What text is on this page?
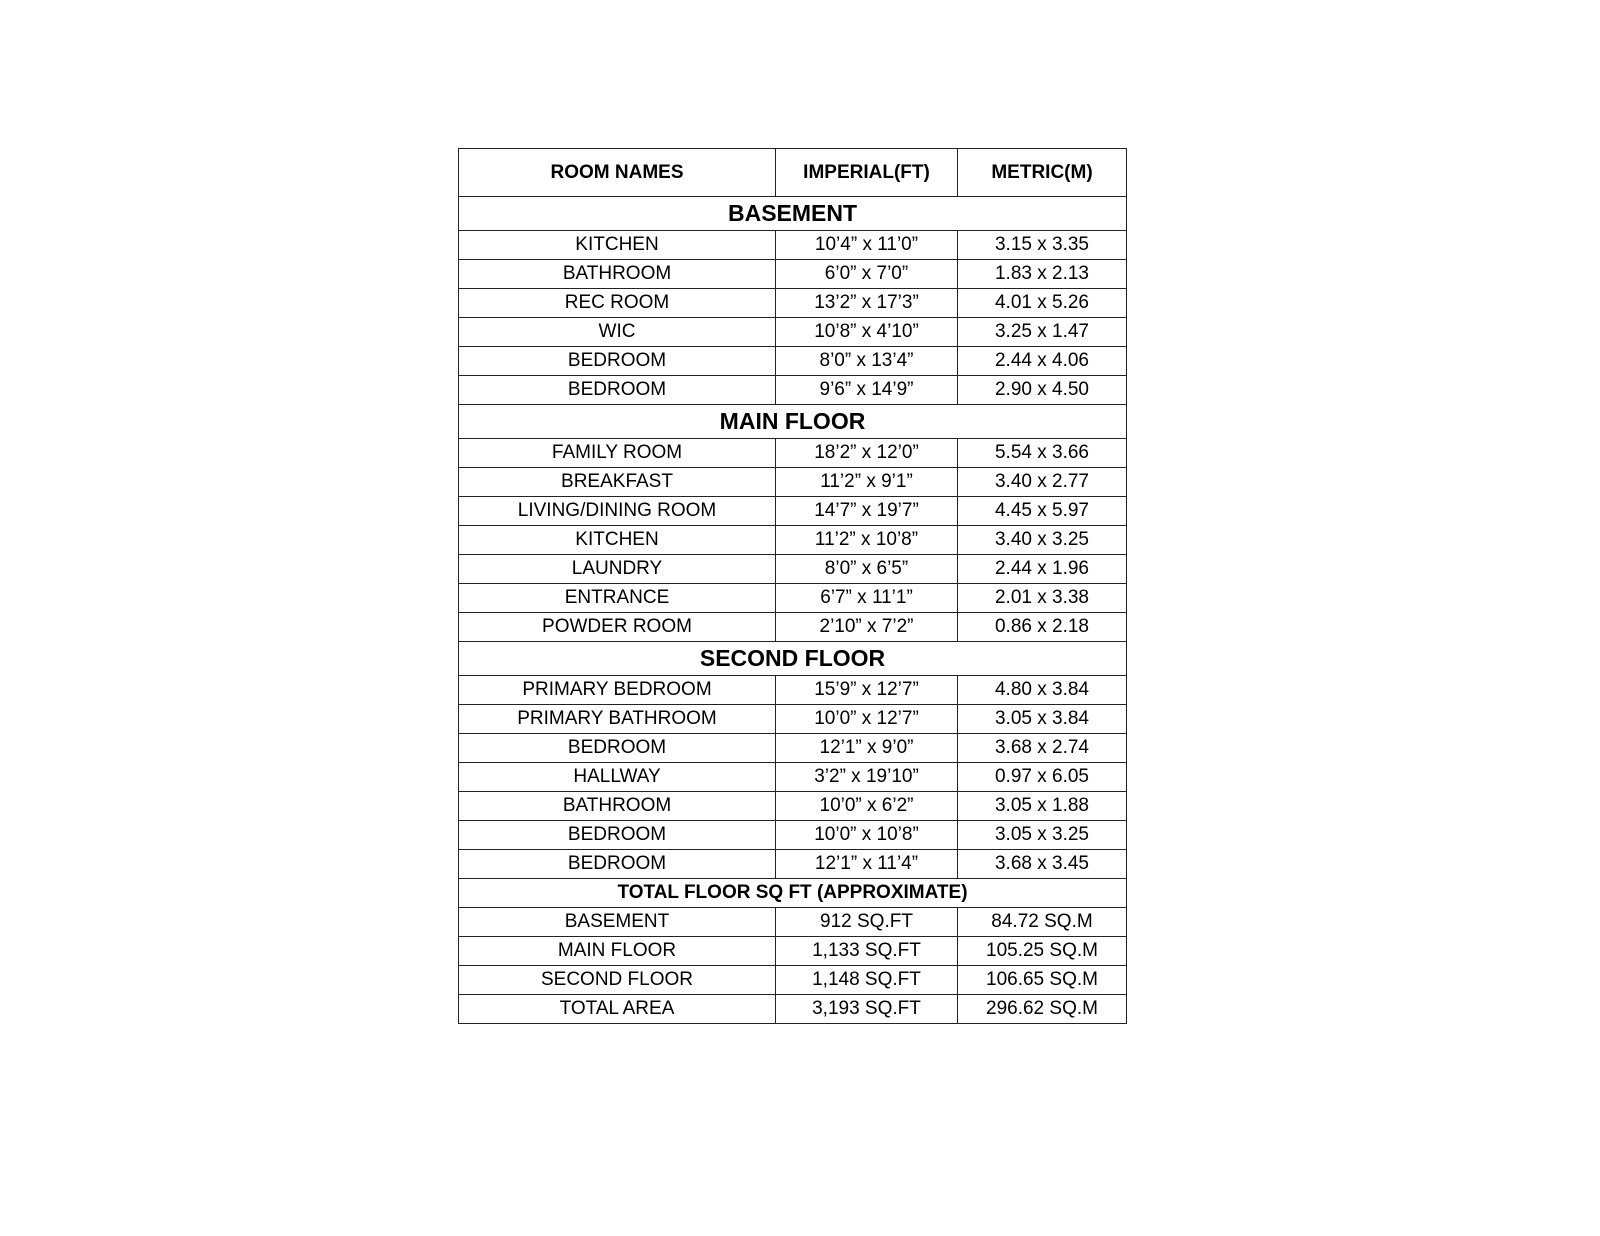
ROOM NAMES	IMPERIAL(FT)	METRIC(M)
BASEMENT		
KITCHEN	10’4” x 11’0”	3.15 x 3.35
BATHROOM	6’0” x 7’0”	1.83 x 2.13
REC ROOM	13’2” x 17’3”	4.01 x 5.26
WIC	10’8” x 4’10”	3.25 x 1.47
BEDROOM	8’0” x 13’4”	2.44 x 4.06
BEDROOM	9’6” x 14’9”	2.90 x 4.50
MAIN FLOOR		
FAMILY ROOM	18’2” x 12’0”	5.54 x 3.66
BREAKFAST	11’2” x 9’1”	3.40 x 2.77
LIVING/DINING ROOM	14’7” x 19’7”	4.45 x 5.97
KITCHEN	11’2” x 10’8”	3.40 x 3.25
LAUNDRY	8’0” x 6’5”	2.44 x 1.96
ENTRANCE	6’7” x 11’1”	2.01 x 3.38
POWDER ROOM	2’10” x 7’2”	0.86 x 2.18
SECOND FLOOR		
PRIMARY BEDROOM	15’9” x 12’7”	4.80 x 3.84
PRIMARY BATHROOM	10’0” x 12’7”	3.05 x 3.84
BEDROOM	12’1” x 9’0”	3.68 x 2.74
HALLWAY	3’2” x 19’10”	0.97 x 6.05
BATHROOM	10’0” x 6’2”	3.05 x 1.88
BEDROOM	10’0” x 10’8”	3.05 x 3.25
BEDROOM	12’1” x 11’4”	3.68 x 3.45
TOTAL FLOOR SQ FT (APPROXIMATE)		
BASEMENT	912 SQ.FT	84.72 SQ.M
MAIN FLOOR	1,133 SQ.FT	105.25 SQ.M
SECOND FLOOR	1,148 SQ.FT	106.65 SQ.M
TOTAL AREA	3,193 SQ.FT	296.62 SQ.M
